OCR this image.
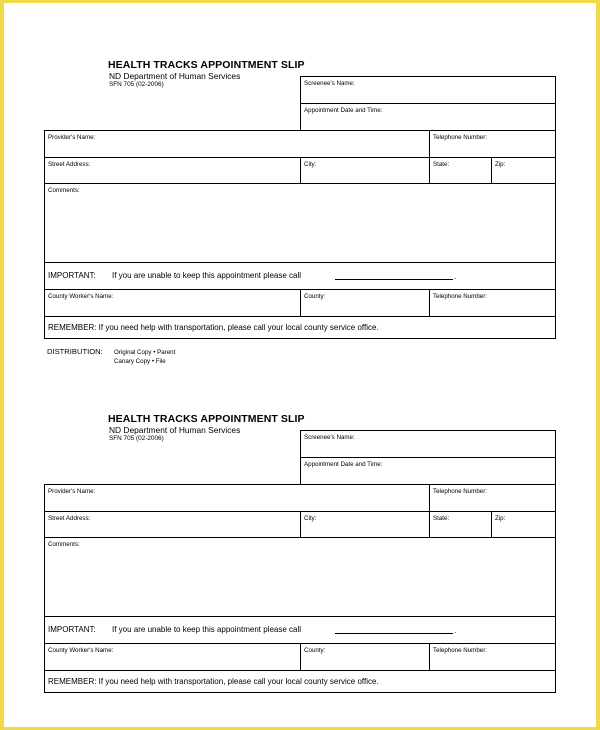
HEALTH TRACKS APPOINTMENT SLIP
ND Department of Human Services
SFN 705 (02-2006)	Screenee's Name:
Appointment Date and Time:
Provider's Name:	Telephone Number:
Street Address:	City:	State:	Zip:
Comments:
IMPORTANT: If you are unable to keep this appointment please call	.
County Worker's Name:	County:	Telephone Number:
REMEMBER: If you need help with transportation, please call your local county service office.
DISTRIBUTION: Original Copy • Parent
Canary Copy • File
HEALTH TRACKS APPOINTMENT SLIP
ND Department of Human Services
SFN 705 (02-2006)	Screenee's Name:
Appointment Date and Time:
Provider's Name:	Telephone Number:
Street Address:	City:	State:	Zip:
Comments:
IMPORTANT: If you are unable to keep this appointment please call	.
County Worker's Name:	County:	Telephone Number:
REMEMBER: If you need help with transportation, please call your local county service office.
